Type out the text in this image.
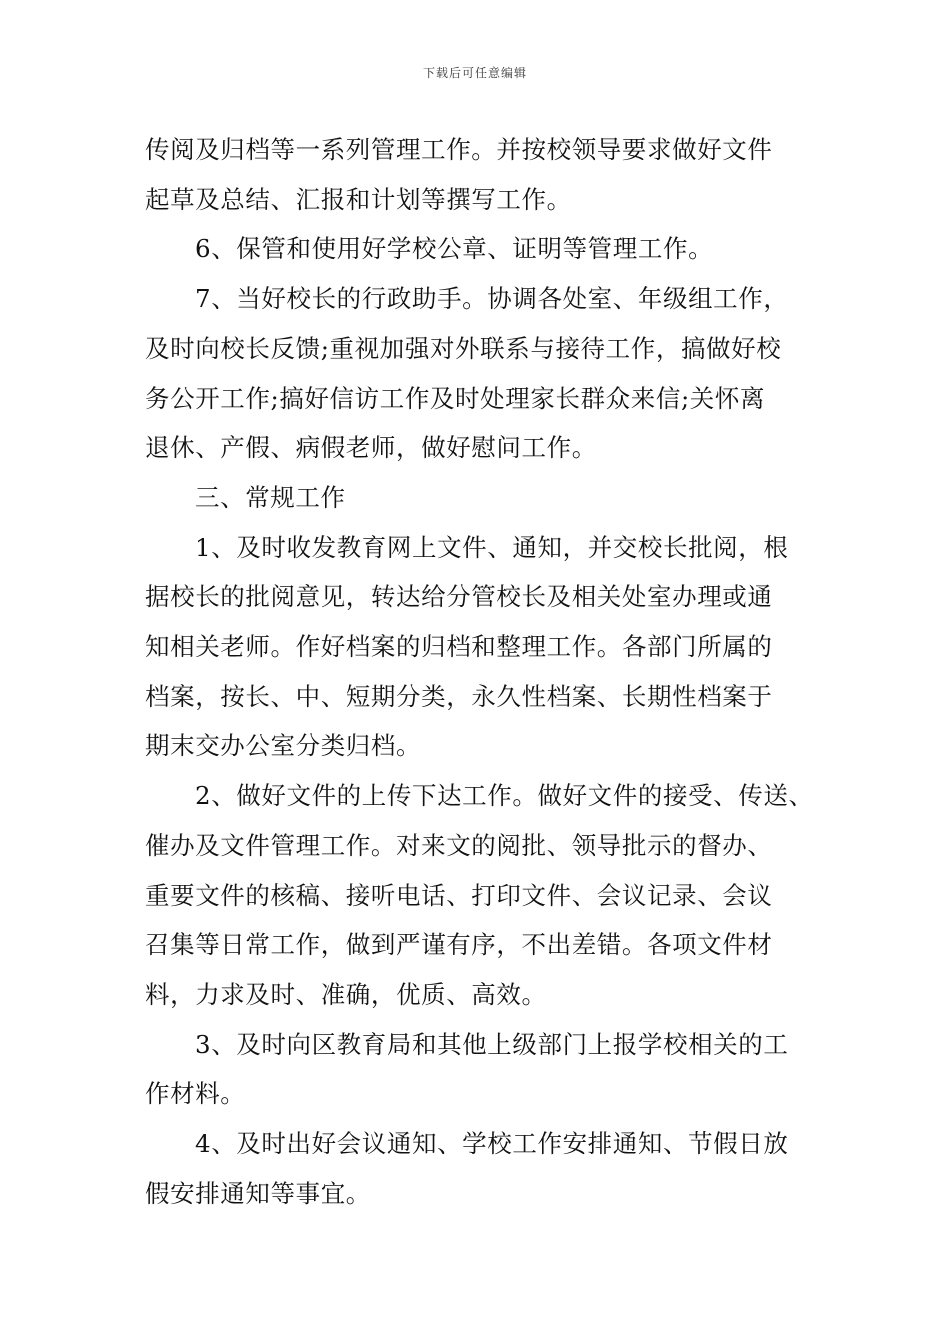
下载后可任意编辑
传阅及归档等一系列管理工作。并按校领导要求做好文件
起草及总结、汇报和计划等撰写工作。
6、保管和使用好学校公章、证明等管理工作。
7、当好校长的行政助手。协调各处室、年级组工作，
及时向校长反馈;重视加强对外联系与接待工作，搞做好校
务公开工作;搞好信访工作及时处理家长群众来信;关怀离
退休、产假、病假老师，做好慰问工作。
三、常规工作
1、及时收发教育网上文件、通知，并交校长批阅，根
据校长的批阅意见，转达给分管校长及相关处室办理或通
知相关老师。作好档案的归档和整理工作。各部门所属的
档案，按长、中、短期分类，永久性档案、长期性档案于
期末交办公室分类归档。
2、做好文件的上传下达工作。做好文件的接受、传送、
催办及文件管理工作。对来文的阅批、领导批示的督办、
重要文件的核稿、接听电话、打印文件、会议记录、会议
召集等日常工作，做到严谨有序，不出差错。各项文件材
料，力求及时、准确，优质、高效。
3、及时向区教育局和其他上级部门上报学校相关的工
作材料。
4、及时出好会议通知、学校工作安排通知、节假日放
假安排通知等事宜。
